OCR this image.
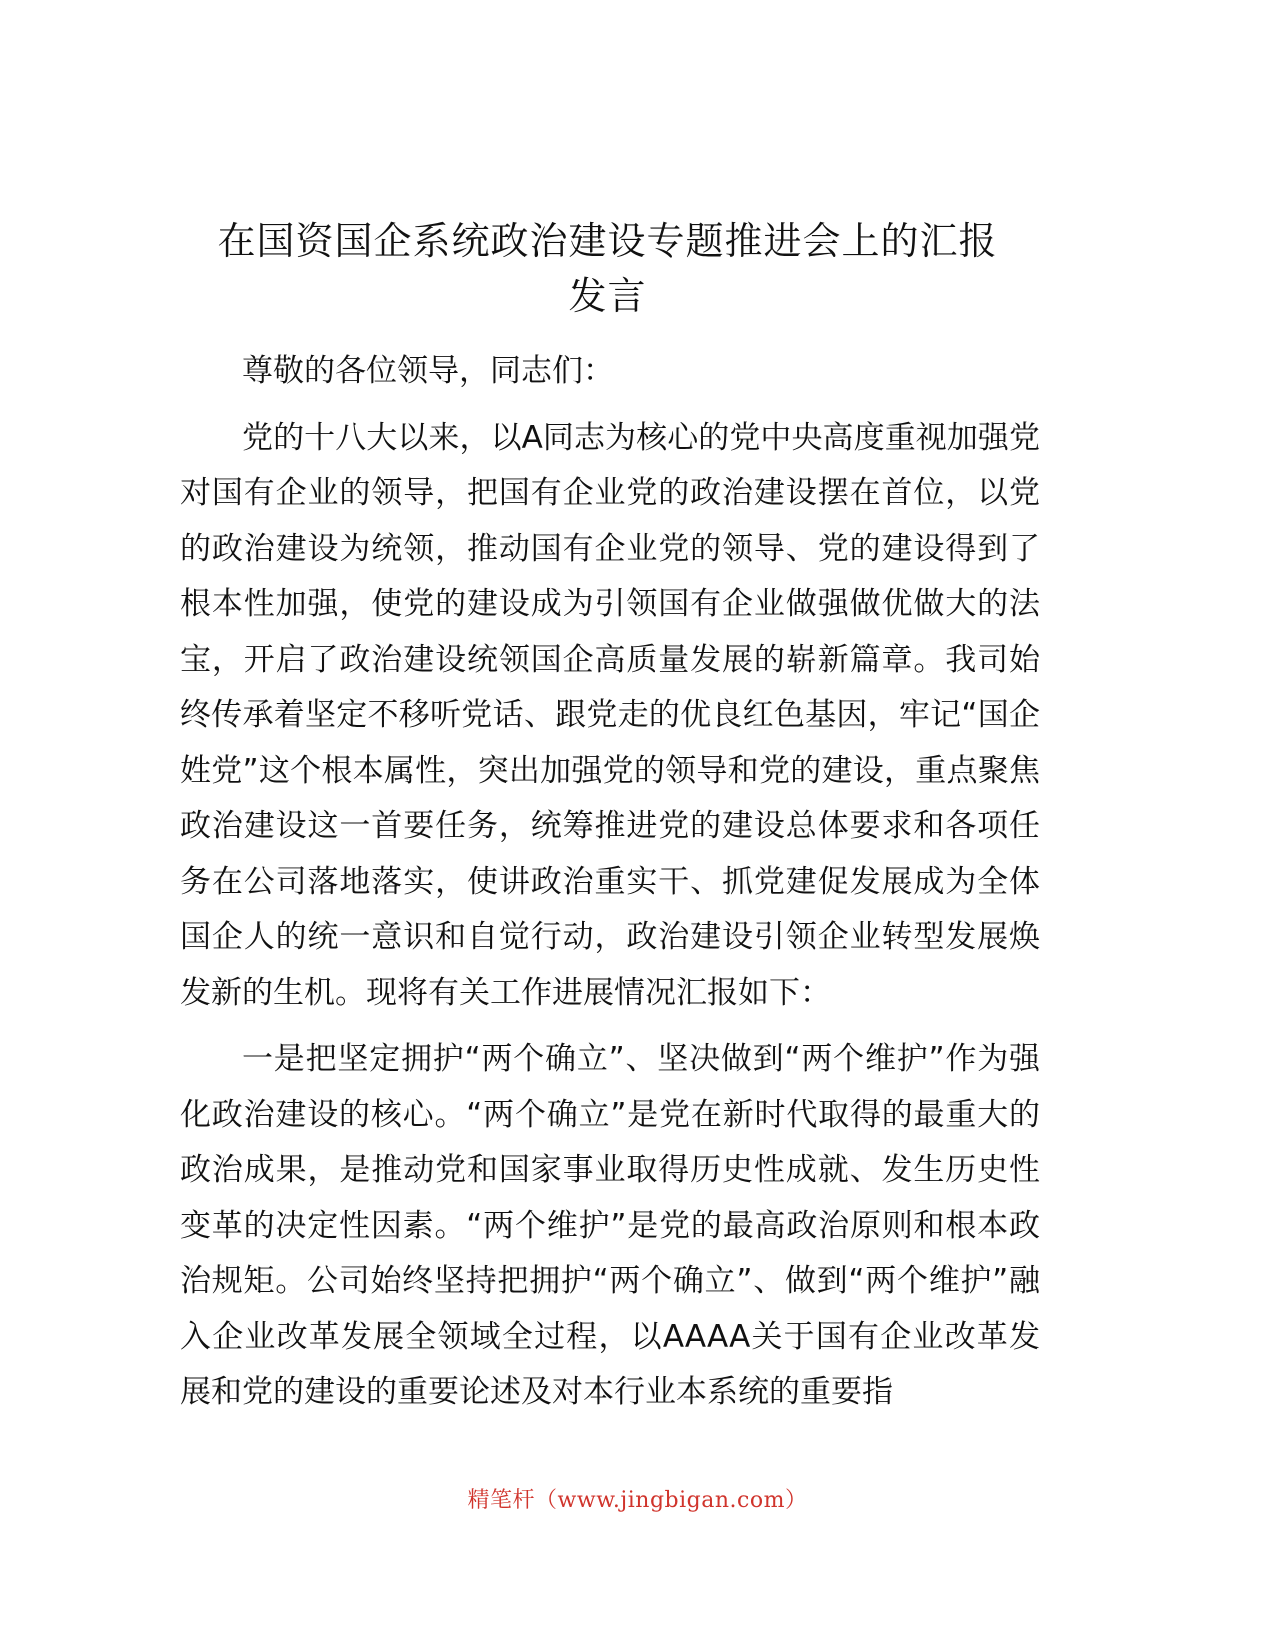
在国资国企系统政治建设专题推进会上的汇报
发言

尊敬的各位领导，同志们：

党的十八大以来，以A同志为核心的党中央高度重视加强党对国有企业的领导，把国有企业党的政治建设摆在首位，以党的政治建设为统领，推动国有企业党的领导、党的建设得到了根本性加强，使党的建设成为引领国有企业做强做优做大的法宝，开启了政治建设统领国企高质量发展的崭新篇章。我司始终传承着坚定不移听党话、跟党走的优良红色基因，牢记“国企姓党”这个根本属性，突出加强党的领导和党的建设，重点聚焦政治建设这一首要任务，统筹推进党的建设总体要求和各项任务在公司落地落实，使讲政治重实干、抓党建促发展成为全体国企人的统一意识和自觉行动，政治建设引领企业转型发展焕发新的生机。现将有关工作进展情况汇报如下：

一是把坚定拥护“两个确立”、坚决做到“两个维护”作为强化政治建设的核心。“两个确立”是党在新时代取得的最重大的政治成果，是推动党和国家事业取得历史性成就、发生历史性变革的决定性因素。“两个维护”是党的最高政治原则和根本政治规矩。公司始终坚持把拥护“两个确立”、做到“两个维护”融入企业改革发展全领域全过程，以AAAA关于国有企业改革发展和党的建设的重要论述及对本行业本系统的重要指

精笔杆（www.jingbigan.com）
